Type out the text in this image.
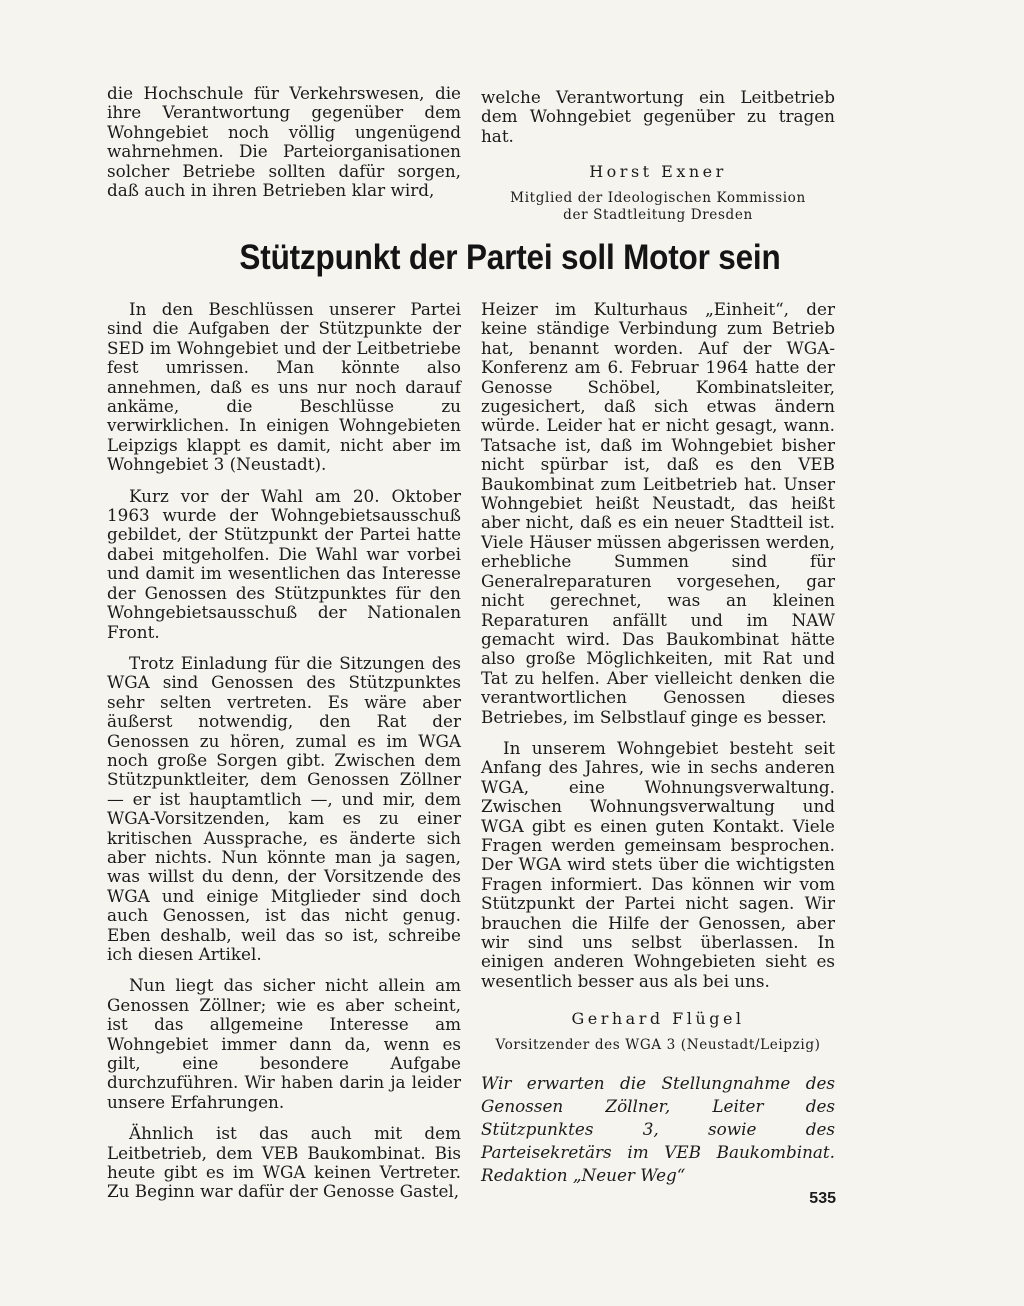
die Hochschule für Verkehrswesen, die ihre Verantwortung gegenüber dem Wohngebiet noch völlig ungenügend wahrnehmen. Die Parteiorganisationen solcher Betriebe sollten dafür sorgen, daß auch in ihren Betrieben klar wird,

welche Verantwortung ein Leitbetrieb dem Wohngebiet gegenüber zu tragen hat.

Horst Exner

Mitglied der Ideologischen Kommission
der Stadtleitung Dresden

Stützpunkt der Partei soll Motor sein

In den Beschlüssen unserer Partei sind die Aufgaben der Stützpunkte der SED im Wohngebiet und der Leitbetriebe fest umrissen. Man könnte also annehmen, daß es uns nur noch darauf ankäme, die Beschlüsse zu verwirklichen. In einigen Wohngebieten Leipzigs klappt es damit, nicht aber im Wohngebiet 3 (Neustadt).

Kurz vor der Wahl am 20. Oktober 1963 wurde der Wohngebietsausschuß gebildet, der Stützpunkt der Partei hatte dabei mitgeholfen. Die Wahl war vorbei und damit im wesentlichen das Interesse der Genossen des Stützpunktes für den Wohngebietsausschuß der Nationalen Front.

Trotz Einladung für die Sitzungen des WGA sind Genossen des Stützpunktes sehr selten vertreten. Es wäre aber äußerst notwendig, den Rat der Genossen zu hören, zumal es im WGA noch große Sorgen gibt. Zwischen dem Stützpunktleiter, dem Genossen Zöllner — er ist hauptamtlich —, und mir, dem WGA-Vorsitzenden, kam es zu einer kritischen Aussprache, es änderte sich aber nichts. Nun könnte man ja sagen, was willst du denn, der Vorsitzende des WGA und einige Mitglieder sind doch auch Genossen, ist das nicht genug. Eben deshalb, weil das so ist, schreibe ich diesen Artikel.

Nun liegt das sicher nicht allein am Genossen Zöllner; wie es aber scheint, ist das allgemeine Interesse am Wohngebiet immer dann da, wenn es gilt, eine besondere Aufgabe durchzuführen. Wir haben darin ja leider unsere Erfahrungen.

Ähnlich ist das auch mit dem Leitbetrieb, dem VEB Baukombinat. Bis heute gibt es im WGA keinen Vertreter. Zu Beginn war dafür der Genosse Gastel,

Heizer im Kulturhaus „Einheit“, der keine ständige Verbindung zum Betrieb hat, benannt worden. Auf der WGA-Konferenz am 6. Februar 1964 hatte der Genosse Schöbel, Kombinatsleiter, zugesichert, daß sich etwas ändern würde. Leider hat er nicht gesagt, wann. Tatsache ist, daß im Wohngebiet bisher nicht spürbar ist, daß es den VEB Baukombinat zum Leitbetrieb hat. Unser Wohngebiet heißt Neustadt, das heißt aber nicht, daß es ein neuer Stadtteil ist. Viele Häuser müssen abgerissen werden, erhebliche Summen sind für Generalreparaturen vorgesehen, gar nicht gerechnet, was an kleinen Reparaturen anfällt und im NAW gemacht wird. Das Baukombinat hätte also große Möglichkeiten, mit Rat und Tat zu helfen. Aber vielleicht denken die verantwortlichen Genossen dieses Betriebes, im Selbstlauf ginge es besser.

In unserem Wohngebiet besteht seit Anfang des Jahres, wie in sechs anderen WGA, eine Wohnungsverwaltung. Zwischen Wohnungsverwaltung und WGA gibt es einen guten Kontakt. Viele Fragen werden gemeinsam besprochen. Der WGA wird stets über die wichtigsten Fragen informiert. Das können wir vom Stützpunkt der Partei nicht sagen. Wir brauchen die Hilfe der Genossen, aber wir sind uns selbst überlassen. In einigen anderen Wohngebieten sieht es wesentlich besser aus als bei uns.

Gerhard Flügel

Vorsitzender des WGA 3 (Neustadt/Leipzig)

Wir erwarten die Stellungnahme des Genossen Zöllner, Leiter des Stützpunktes 3, sowie des Parteisekretärs im VEB Baukombinat. Redaktion „Neuer Weg“

535
